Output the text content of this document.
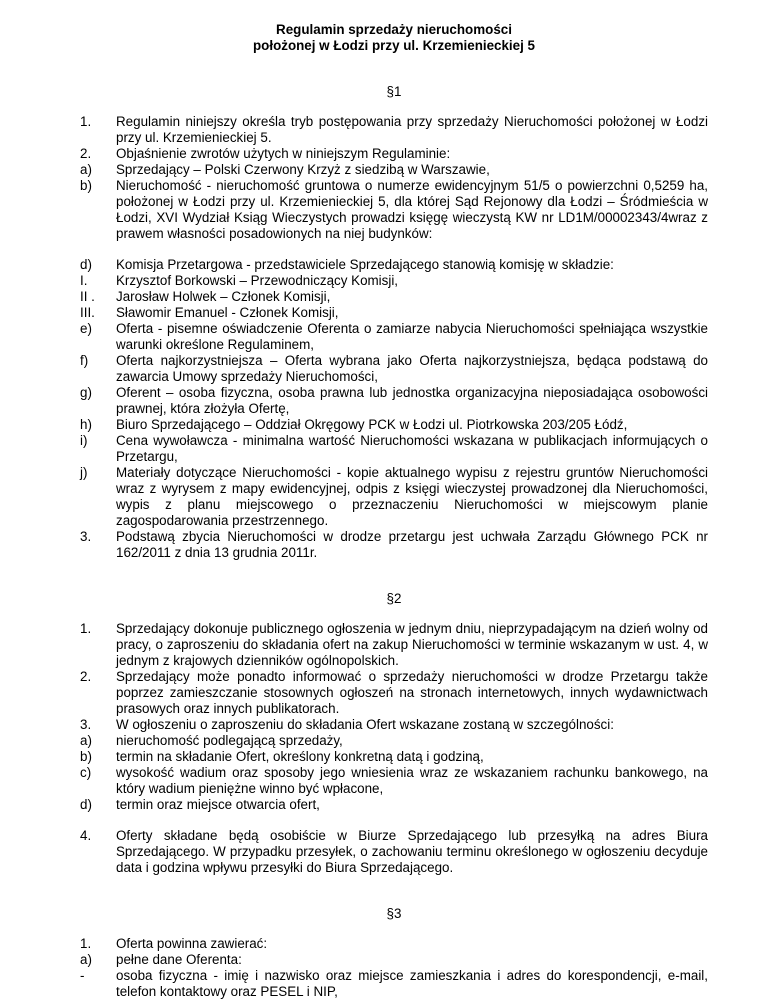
Regulamin sprzedaży nieruchomości
położonej w Łodzi przy ul. Krzemienieckiej 5
§1
1.	Regulamin niniejszy określa tryb postępowania przy sprzedaży Nieruchomości położonej w Łodzi przy ul. Krzemienieckiej 5.
2.	Objaśnienie zwrotów użytych w niniejszym Regulaminie:
a)	Sprzedający – Polski Czerwony Krzyż z siedzibą w Warszawie,
b)	Nieruchomość - nieruchomość gruntowa o numerze ewidencyjnym 51/5 o powierzchni 0,5259 ha, położonej w Łodzi przy ul. Krzemienieckiej 5, dla której Sąd Rejonowy dla Łodzi – Śródmieścia w Łodzi, XVI Wydział Ksiąg Wieczystych prowadzi księgę wieczystą KW nr LD1M/00002343/4wraz z prawem własności posadowionych na niej budynków:
d)	Komisja Przetargowa - przedstawiciele Sprzedającego stanowią komisję w składzie:
I.	Krzysztof Borkowski – Przewodniczący Komisji,
II .	Jarosław Holwek – Członek Komisji,
III.	Sławomir Emanuel - Członek Komisji,
e)	Oferta - pisemne oświadczenie Oferenta o zamiarze nabycia Nieruchomości spełniająca wszystkie warunki określone Regulaminem,
f)	Oferta najkorzystniejsza – Oferta wybrana jako Oferta najkorzystniejsza, będąca podstawą do zawarcia Umowy sprzedaży Nieruchomości,
g)	Oferent – osoba fizyczna, osoba prawna lub jednostka organizacyjna nieposiadająca osobowości prawnej, która złożyła Ofertę,
h)	Biuro Sprzedającego – Oddział Okręgowy PCK w Łodzi ul. Piotrkowska 203/205 Łódź,
i)	Cena wywoławcza - minimalna wartość Nieruchomości wskazana w publikacjach informujących o Przetargu,
j)	Materiały dotyczące Nieruchomości - kopie aktualnego wypisu z rejestru gruntów Nieruchomości wraz z wyrysem z mapy ewidencyjnej, odpis z księgi wieczystej prowadzonej dla Nieruchomości, wypis z planu miejscowego o przeznaczeniu Nieruchomości w miejscowym planie zagospodarowania przestrzennego.
3.	Podstawą zbycia Nieruchomości w drodze przetargu jest uchwała Zarządu Głównego PCK nr 162/2011 z dnia 13 grudnia 2011r.
§2
1.	Sprzedający dokonuje publicznego ogłoszenia w jednym dniu, nieprzypadającym na dzień wolny od pracy, o zaproszeniu do składania ofert na zakup Nieruchomości w terminie wskazanym w ust. 4, w jednym z krajowych dzienników ogólnopolskich.
2.	Sprzedający może ponadto informować o sprzedaży nieruchomości w drodze Przetargu także poprzez zamieszczanie stosownych ogłoszeń na stronach internetowych, innych wydawnictwach prasowych oraz innych publikatorach.
3.	W ogłoszeniu o zaproszeniu do składania Ofert wskazane zostaną w szczególności:
a)	nieruchomość podlegającą sprzedaży,
b)	termin na składanie Ofert, określony konkretną datą i godziną,
c)	wysokość wadium oraz sposoby jego wniesienia wraz ze wskazaniem rachunku bankowego, na który wadium pieniężne winno być wpłacone,
d)	termin oraz miejsce otwarcia ofert,
4.	Oferty składane będą osobiście w Biurze Sprzedającego lub przesyłką na adres Biura Sprzedającego. W przypadku przesyłek, o zachowaniu terminu określonego w ogłoszeniu decyduje data i godzina wpływu przesyłki do Biura Sprzedającego.
§3
1.	Oferta powinna zawierać:
a)	pełne dane Oferenta:
-	osoba fizyczna - imię i nazwisko oraz miejsce zamieszkania i adres do korespondencji, e-mail, telefon kontaktowy oraz PESEL i NIP,
